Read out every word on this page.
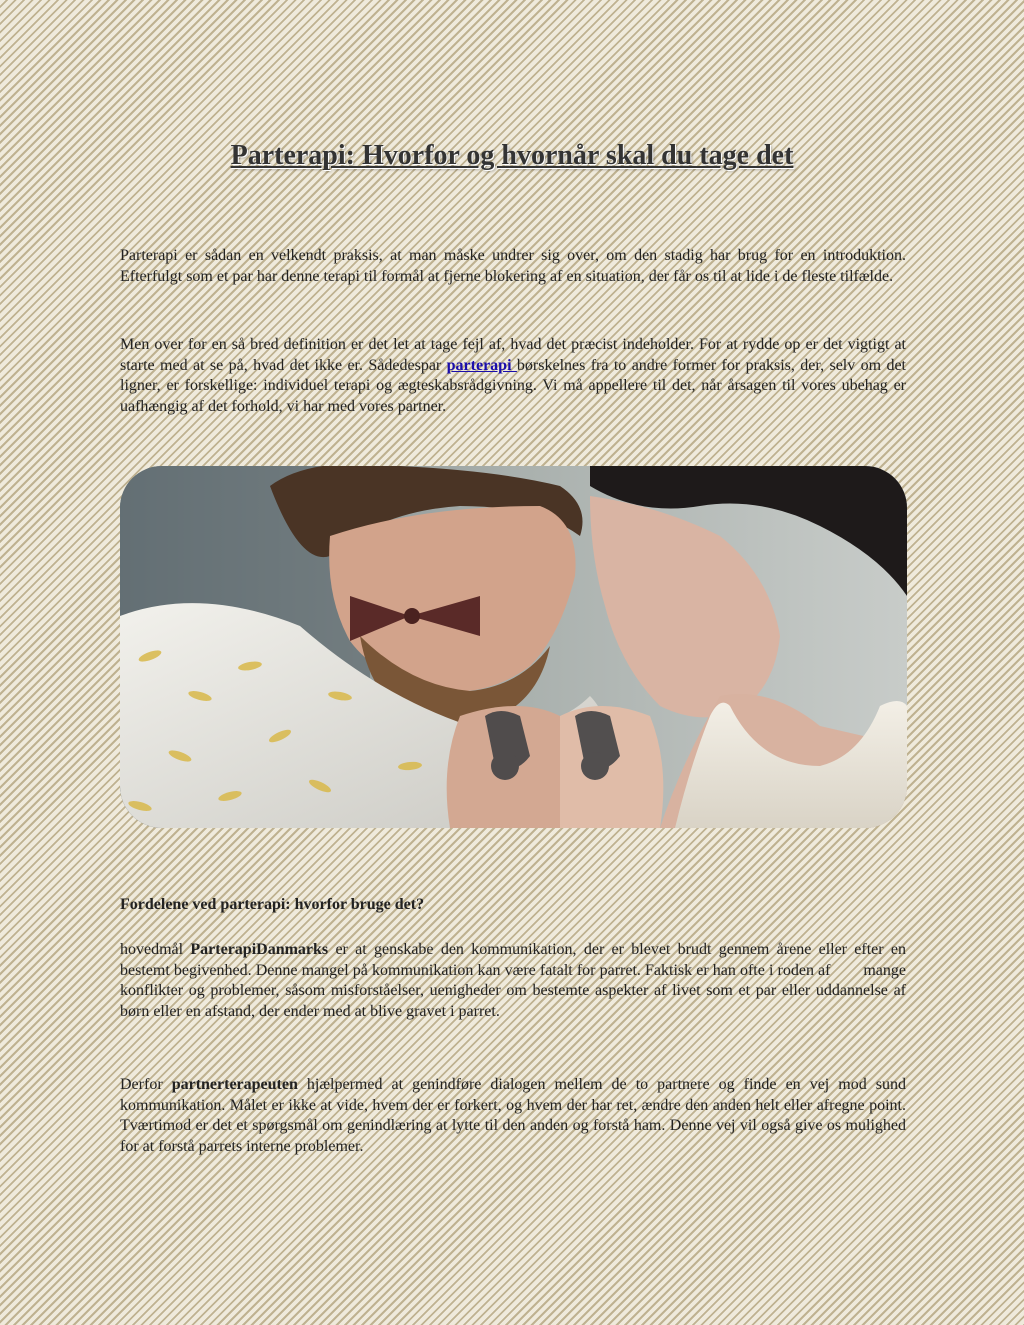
Parterapi: Hvorfor og hvornår skal du tage det

Parterapi er sådan en velkendt praksis, at man måske undrer sig over, om den stadig har brug for en introduktion. Efterfulgt som et par har denne terapi til formål at fjerne blokering af en situation, der får os til at lide i de fleste tilfælde.

Men over for en så bred definition er det let at tage fejl af, hvad det præcist indeholder. For at rydde op er det vigtigt at starte med at se på, hvad det ikke er. Sådedespar parterapi børskelnes fra to andre former for praksis, der, selv om det ligner, er forskellige: individuel terapi og ægteskabsrådgivning. Vi må appellere til det, når årsagen til vores ubehag er uafhængig af det forhold, vi har med vores partner.

Fordelene ved parterapi: hvorfor bruge det?

hovedmål ParterapiDanmarks er at genskabe den kommunikation, der er blevet brudt gennem årene eller efter en bestemt begivenhed. Denne mangel på kommunikation kan være fatalt for parret. Faktisk er han ofte i roden af        mange konflikter og problemer, såsom misforståelser, uenigheder om bestemte aspekter af livet som et par eller uddannelse af børn eller en afstand, der ender med at blive gravet i parret.

Derfor partnerterapeuten hjælpermed at genindføre dialogen mellem de to partnere og finde en vej mod sund kommunikation. Målet er ikke at vide, hvem der er forkert, og hvem der har ret, ændre den anden helt eller afregne point. Tværtimod er det et spørgsmål om genindlæring at lytte til den anden og forstå ham. Denne vej vil også give os mulighed for at forstå parrets interne problemer.
